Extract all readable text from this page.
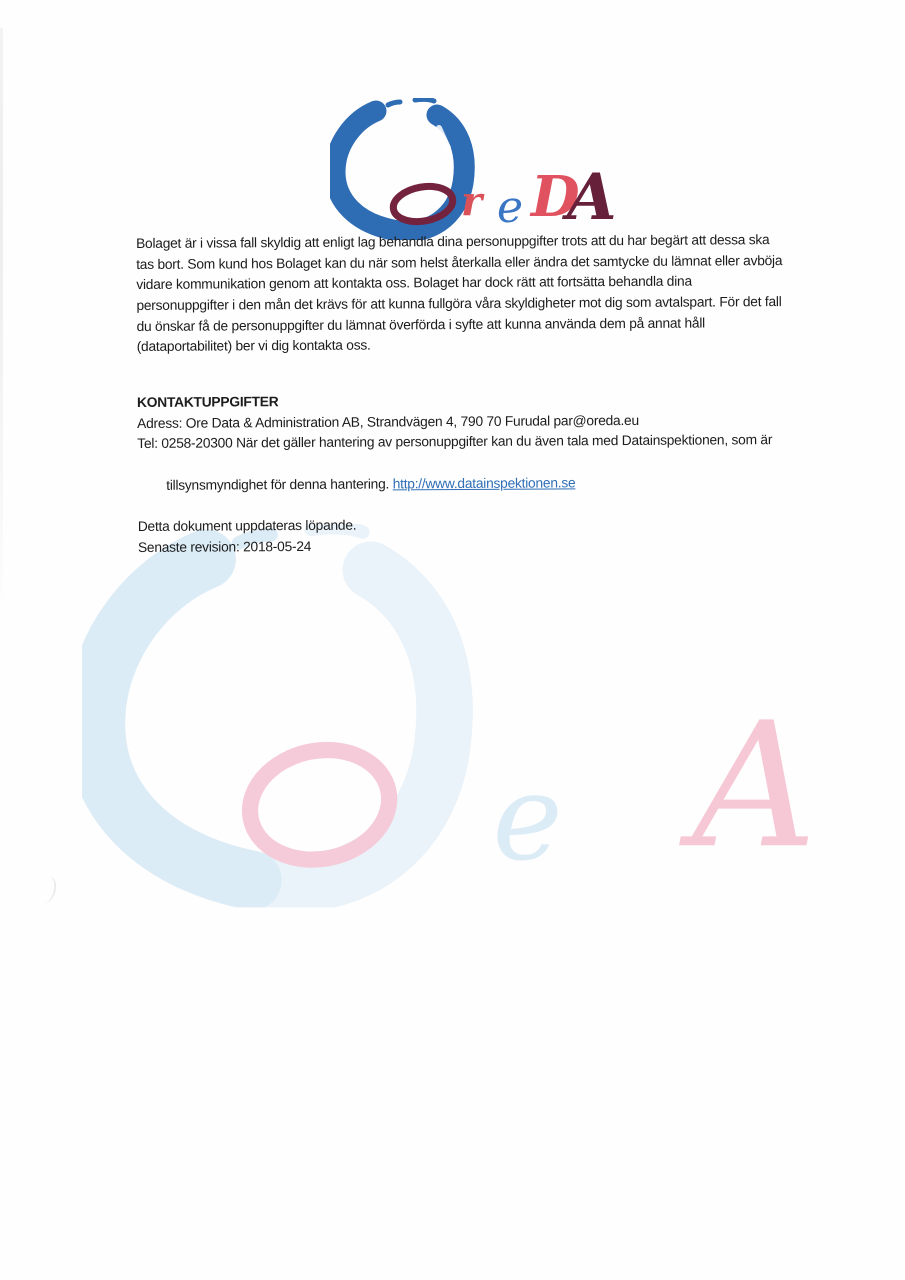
r e D
A
e A
Bolaget är i vissa fall skyldig att enligt lag behandla dina personuppgifter trots att du har begärt att dessa ska
tas bort. Som kund hos Bolaget kan du när som helst återkalla eller ändra det samtycke du lämnat eller avböja
vidare kommunikation genom att kontakta oss. Bolaget har dock rätt att fortsätta behandla dina
personuppgifter i den mån det krävs för att kunna fullgöra våra skyldigheter mot dig som avtalspart. För det fall
du önskar få de personuppgifter du lämnat överförda i syfte att kunna använda dem på annat håll
(dataportabilitet) ber vi dig kontakta oss.
KONTAKTUPPGIFTER
Adress: Ore Data & Administration AB, Strandvägen 4, 790 70 Furudal par@oreda.eu
Tel: 0258-20300 När det gäller hantering av personuppgifter kan du även tala med Datainspektionen, som är

tillsynsmyndighet för denna hantering. http://www.datainspektionen.se

Detta dokument uppdateras löpande.
Senaste revision: 2018-05-24
